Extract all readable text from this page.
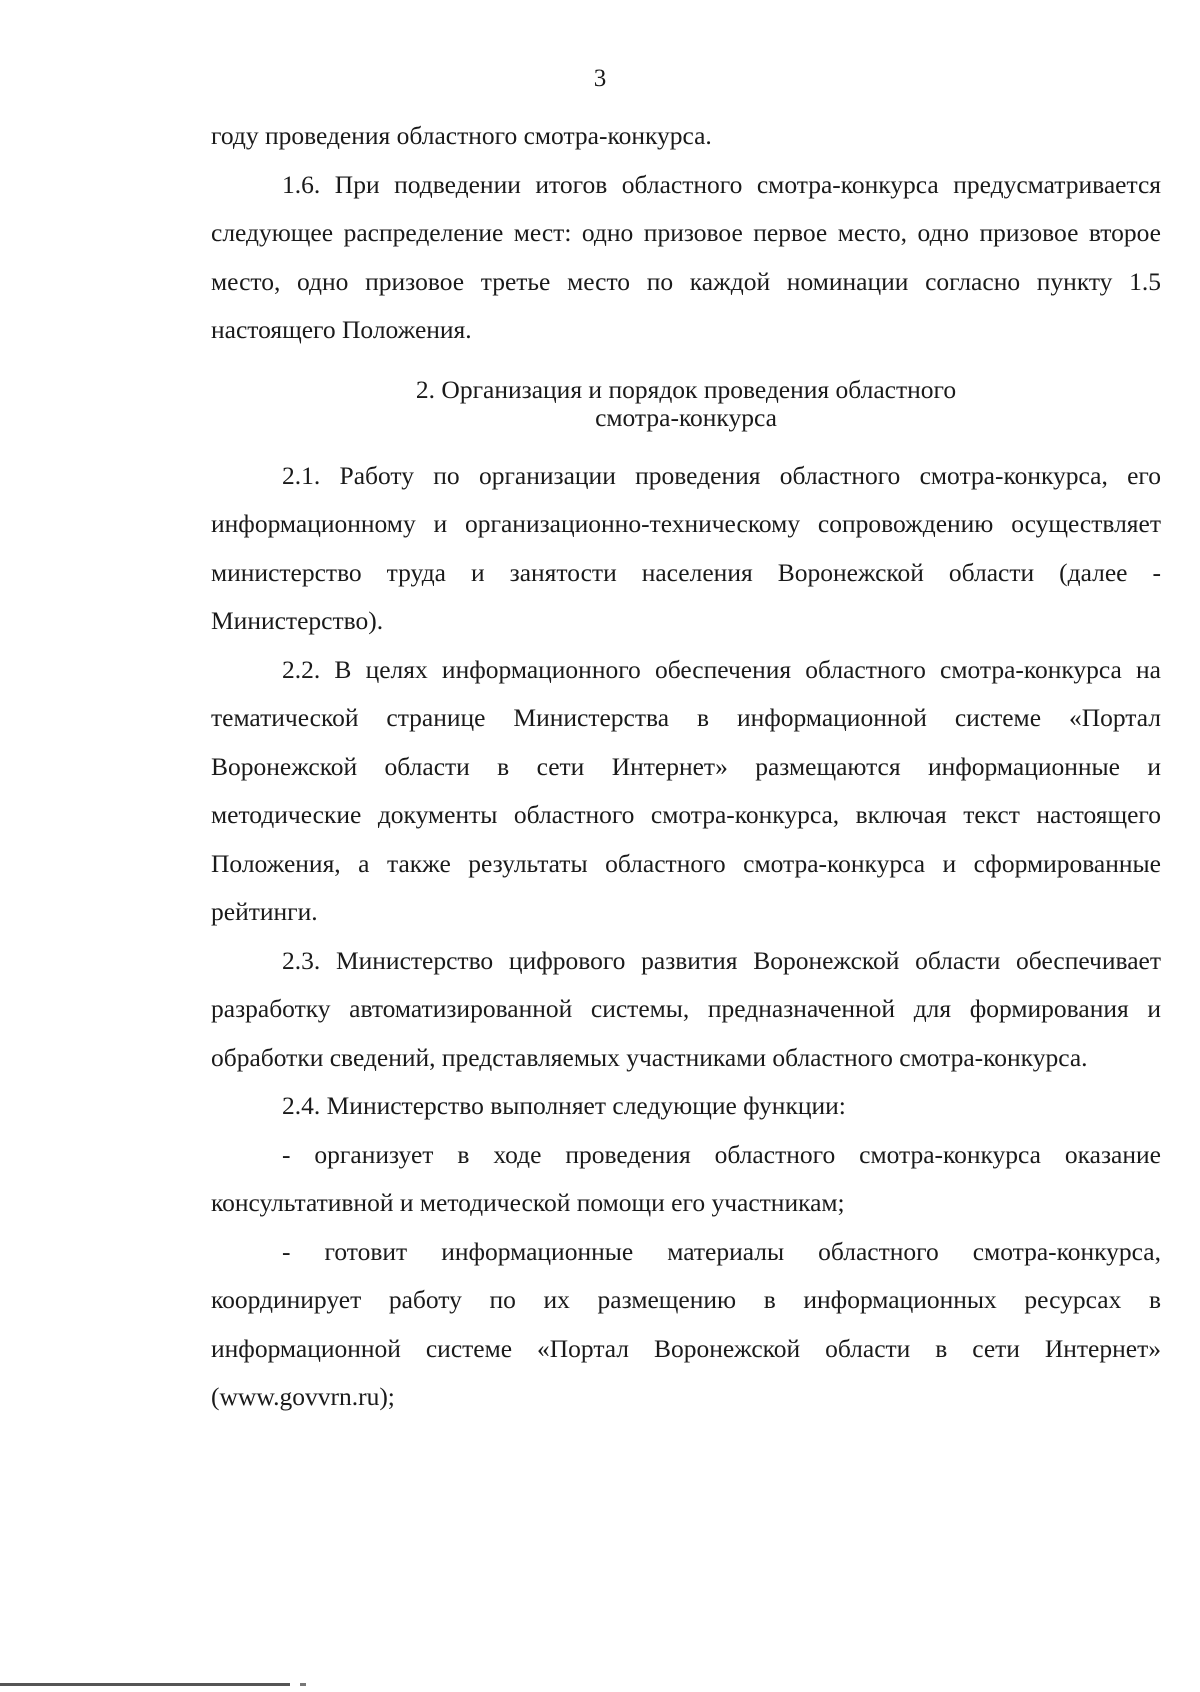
3

году проведения областного смотра-конкурса.

1.6. При подведении итогов областного смотра-конкурса предусматривается следующее распределение мест: одно призовое первое место, одно призовое второе место, одно призовое третье место по каждой номинации согласно пункту 1.5 настоящего Положения.

2. Организация и порядок проведения областного
смотра-конкурса

2.1. Работу по организации проведения областного смотра-конкурса, его информационному и организационно-техническому сопровождению осуществляет министерство труда и занятости населения Воронежской области (далее - Министерство).

2.2. В целях информационного обеспечения областного смотра-конкурса на тематической странице Министерства в информационной системе «Портал Воронежской области в сети Интернет» размещаются информационные и методические документы областного смотра-конкурса, включая текст настоящего Положения, а также результаты областного смотра-конкурса и сформированные рейтинги.

2.3. Министерство цифрового развития Воронежской области обеспечивает разработку автоматизированной системы, предназначенной для формирования и обработки сведений, представляемых участниками областного смотра-конкурса.

2.4. Министерство выполняет следующие функции:

- организует в ходе проведения областного смотра-конкурса оказание консультативной и методической помощи его участникам;

- готовит информационные материалы областного смотра-конкурса, координирует работу по их размещению в информационных ресурсах в информационной системе «Портал Воронежской области в сети Интернет» (www.govvrn.ru);
